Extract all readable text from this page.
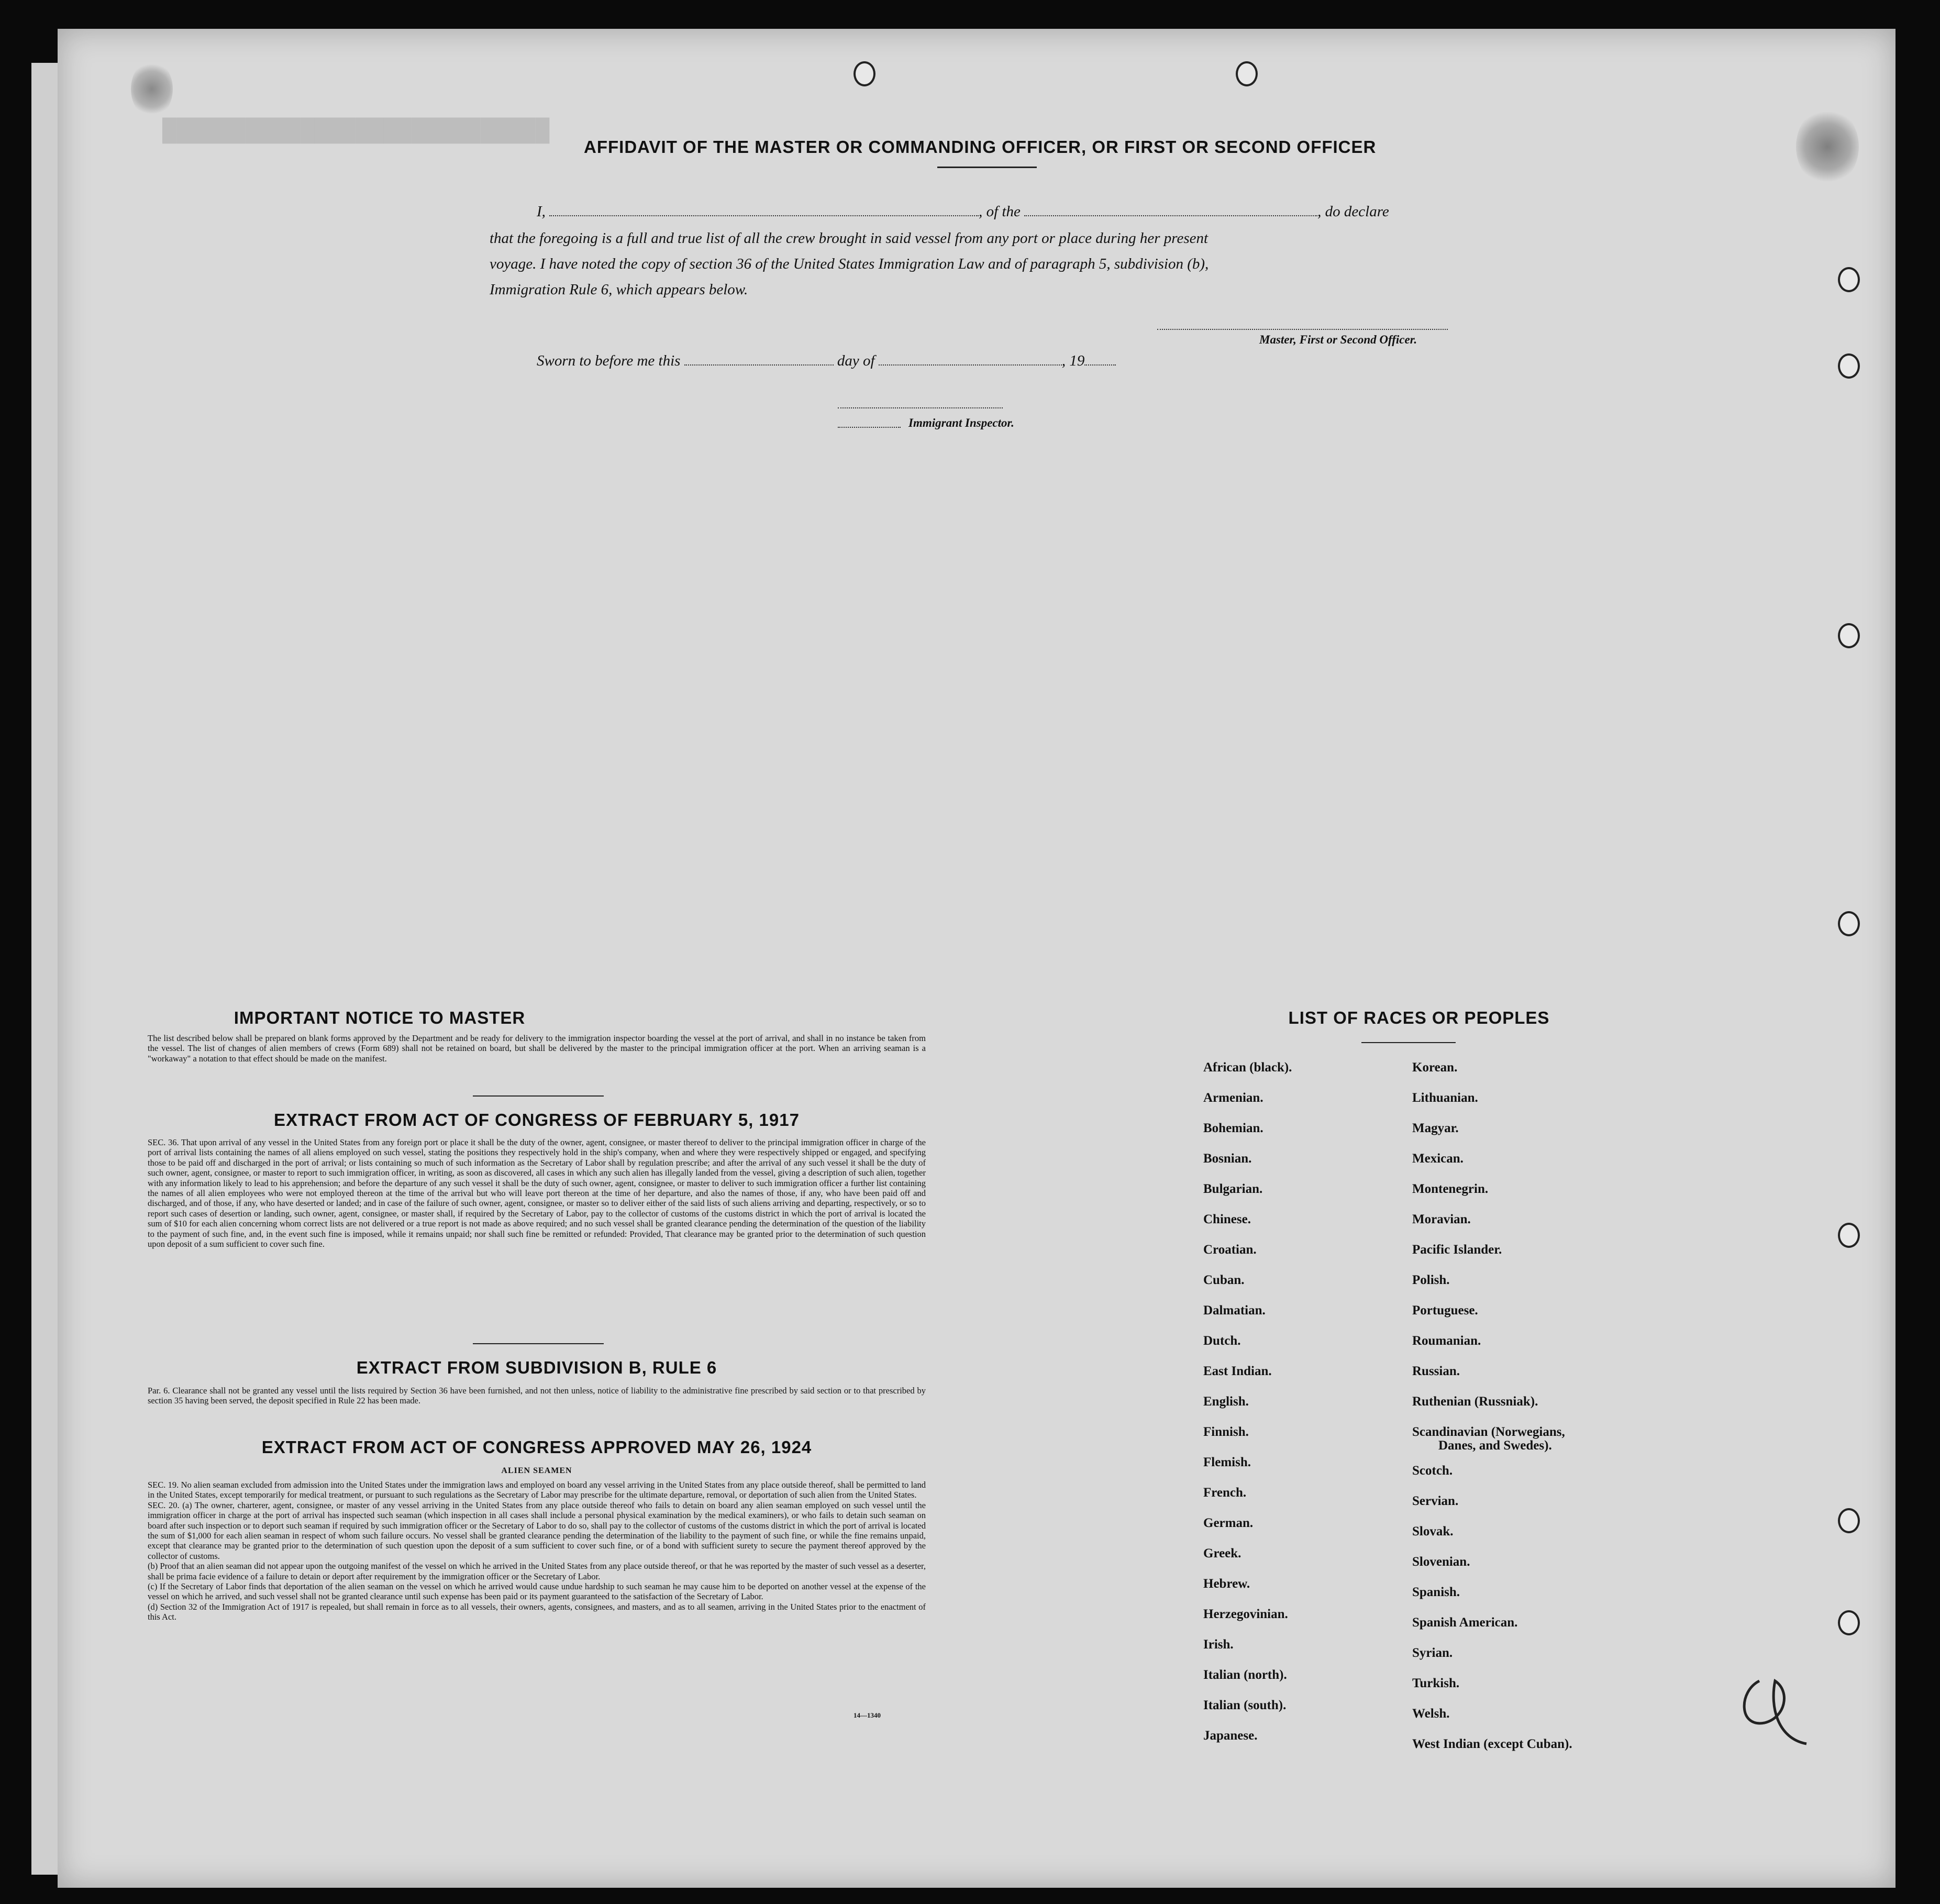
████████████████████████████
AFFIDAVIT OF THE MASTER OR COMMANDING OFFICER, OR FIRST OR SECOND OFFICER
I,	, of the	, do declare
that the foregoing is a full and true list of all the crew brought in said vessel from any port or place during her present
voyage. I have noted the copy of section 36 of the United States Immigration Law and of paragraph 5, subdivision (b),
Immigration Rule 6, which appears below.
Master, First or Second Officer.
Sworn to before me this	day of	, 19
Immigrant Inspector.
IMPORTANT NOTICE TO MASTER
The list described below shall be prepared on blank forms approved by the Department and be ready for delivery to the immigration inspector boarding the vessel at the port of arrival, and shall in no instance be taken from the vessel. The list of changes of alien members of crews (Form 689) shall not be retained on board, but shall be delivered by the master to the principal immigration officer at the port. When an arriving seaman is a "workaway" a notation to that effect should be made on the manifest.
EXTRACT FROM ACT OF CONGRESS OF FEBRUARY 5, 1917
SEC. 36. That upon arrival of any vessel in the United States from any foreign port or place it shall be the duty of the owner, agent, consignee, or master thereof to deliver to the principal immigration officer in charge of the port of arrival lists containing the names of all aliens employed on such vessel, stating the positions they respectively hold in the ship's company, when and where they were respectively shipped or engaged, and specifying those to be paid off and discharged in the port of arrival; or lists containing so much of such information as the Secretary of Labor shall by regulation prescribe; and after the arrival of any such vessel it shall be the duty of such owner, agent, consignee, or master to report to such immigration officer, in writing, as soon as discovered, all cases in which any such alien has illegally landed from the vessel, giving a description of such alien, together with any information likely to lead to his apprehension; and before the departure of any such vessel it shall be the duty of such owner, agent, consignee, or master to deliver to such immigration officer a further list containing the names of all alien employees who were not employed thereon at the time of the arrival but who will leave port thereon at the time of her departure, and also the names of those, if any, who have been paid off and discharged, and of those, if any, who have deserted or landed; and in case of the failure of such owner, agent, consignee, or master so to deliver either of the said lists of such aliens arriving and departing, respectively, or so to report such cases of desertion or landing, such owner, agent, consignee, or master shall, if required by the Secretary of Labor, pay to the collector of customs of the customs district in which the port of arrival is located the sum of $10 for each alien concerning whom correct lists are not delivered or a true report is not made as above required; and no such vessel shall be granted clearance pending the determination of the question of the liability to the payment of such fine, and, in the event such fine is imposed, while it remains unpaid; nor shall such fine be remitted or refunded: Provided, That clearance may be granted prior to the determination of such question upon deposit of a sum sufficient to cover such fine.
EXTRACT FROM SUBDIVISION B, RULE 6
Par. 6. Clearance shall not be granted any vessel until the lists required by Section 36 have been furnished, and not then unless, notice of liability to the administrative fine prescribed by said section or to that prescribed by section 35 having been served, the deposit specified in Rule 22 has been made.
EXTRACT FROM ACT OF CONGRESS APPROVED MAY 26, 1924
ALIEN SEAMEN
SEC. 19. No alien seaman excluded from admission into the United States under the immigration laws and employed on board any vessel arriving in the United States from any place outside thereof, shall be permitted to land in the United States, except temporarily for medical treatment, or pursuant to such regulations as the Secretary of Labor may prescribe for the ultimate departure, removal, or deportation of such alien from the United States.
SEC. 20. (a) The owner, charterer, agent, consignee, or master of any vessel arriving in the United States from any place outside thereof who fails to detain on board any alien seaman employed on such vessel until the immigration officer in charge at the port of arrival has inspected such seaman (which inspection in all cases shall include a personal physical examination by the medical examiners), or who fails to detain such seaman on board after such inspection or to deport such seaman if required by such immigration officer or the Secretary of Labor to do so, shall pay to the collector of customs of the customs district in which the port of arrival is located the sum of $1,000 for each alien seaman in respect of whom such failure occurs. No vessel shall be granted clearance pending the determination of the liability to the payment of such fine, or while the fine remains unpaid, except that clearance may be granted prior to the determination of such question upon the deposit of a sum sufficient to cover such fine, or of a bond with sufficient surety to secure the payment thereof approved by the collector of customs.
(b) Proof that an alien seaman did not appear upon the outgoing manifest of the vessel on which he arrived in the United States from any place outside thereof, or that he was reported by the master of such vessel as a deserter, shall be prima facie evidence of a failure to detain or deport after requirement by the immigration officer or the Secretary of Labor.
(c) If the Secretary of Labor finds that deportation of the alien seaman on the vessel on which he arrived would cause undue hardship to such seaman he may cause him to be deported on another vessel at the expense of the vessel on which he arrived, and such vessel shall not be granted clearance until such expense has been paid or its payment guaranteed to the satisfaction of the Secretary of Labor.
(d) Section 32 of the Immigration Act of 1917 is repealed, but shall remain in force as to all vessels, their owners, agents, consignees, and masters, and as to all seamen, arriving in the United States prior to the enactment of this Act.
14—1340
LIST OF RACES OR PEOPLES
African (black).
Armenian.
Bohemian.
Bosnian.
Bulgarian.
Chinese.
Croatian.
Cuban.
Dalmatian.
Dutch.
East Indian.
English.
Finnish.
Flemish.
French.
German.
Greek.
Hebrew.
Herzegovinian.
Irish.
Italian (north).
Italian (south).
Japanese.
Korean.
Lithuanian.
Magyar.
Mexican.
Montenegrin.
Moravian.
Pacific Islander.
Polish.
Portuguese.
Roumanian.
Russian.
Ruthenian (Russniak).
Scandinavian (Norwegians,
Danes, and Swedes).
Scotch.
Servian.
Slovak.
Slovenian.
Spanish.
Spanish American.
Syrian.
Turkish.
Welsh.
West Indian (except Cuban).
